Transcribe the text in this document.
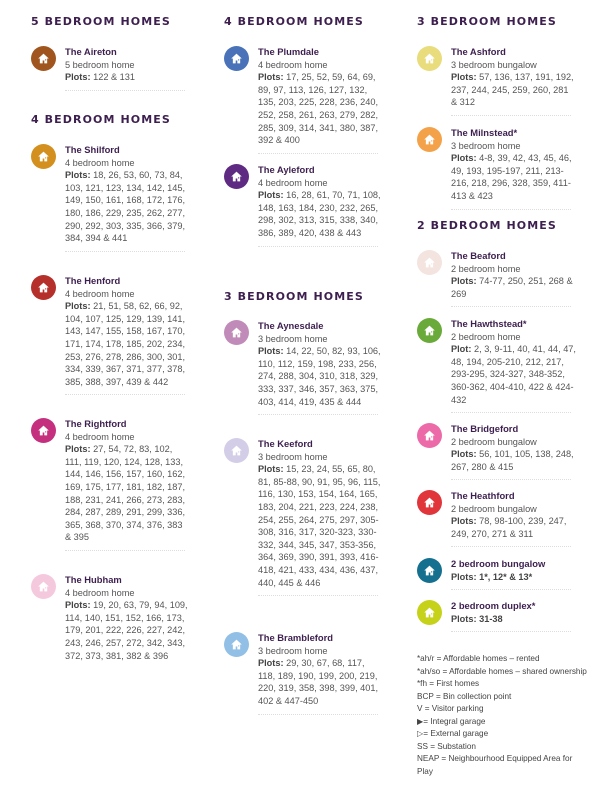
5 BEDROOM HOMES
The Aireton
5 bedroom home
Plots: 122 & 131
4 BEDROOM HOMES
The Shilford
4 bedroom home
Plots: 18, 26, 53, 60, 73, 84, 103, 121, 123, 134, 142, 145, 149, 150, 161, 168, 172, 176, 180, 186, 229, 235, 262, 277, 290, 292, 303, 335, 366, 379, 384, 394 & 441
The Henford
4 bedroom home
Plots: 21, 51, 58, 62, 66, 92, 104, 107, 125, 129, 139, 141, 143, 147, 155, 158, 167, 170, 171, 174, 178, 185, 202, 234, 253, 276, 278, 286, 300, 301, 334, 339, 367, 371, 377, 378, 385, 388, 397, 439 & 442
The Rightford
4 bedroom home
Plots: 27, 54, 72, 83, 102, 111, 119, 120, 124, 128, 133, 144, 146, 156, 157, 160, 162, 169, 175, 177, 181, 182, 187, 188, 231, 241, 266, 273, 283, 284, 287, 289, 291, 299, 336, 365, 368, 370, 374, 376, 383 & 395
The Hubham
4 bedroom home
Plots: 19, 20, 63, 79, 94, 109, 114, 140, 151, 152, 166, 173, 179, 201, 222, 226, 227, 242, 243, 246, 257, 272, 342, 343, 372, 373, 381, 382 & 396
4 BEDROOM HOMES
The Plumdale
4 bedroom home
Plots: 17, 25, 52, 59, 64, 69, 89, 97, 113, 126, 127, 132, 135, 203, 225, 228, 236, 240, 252, 258, 261, 263, 279, 282, 285, 309, 314, 341, 380, 387, 392 & 400
The Ayleford
4 bedroom home
Plots: 16, 28, 61, 70, 71, 108, 148, 163, 184, 230, 232, 265, 298, 302, 313, 315, 338, 340, 386, 389, 420, 438 & 443
3 BEDROOM HOMES
The Aynesdale
3 bedroom home
Plots: 14, 22, 50, 82, 93, 106, 110, 112, 159, 198, 233, 256, 274, 288, 304, 310, 318, 329, 333, 337, 346, 357, 363, 375, 403, 414, 419, 435 & 444
The Keeford
3 bedroom home
Plots: 15, 23, 24, 55, 65, 80, 81, 85-88, 90, 91, 95, 96, 115, 116, 130, 153, 154, 164, 165, 183, 204, 221, 223, 224, 238, 254, 255, 264, 275, 297, 305-308, 316, 317, 320-323, 330-332, 344, 345, 347, 353-356, 364, 369, 390, 391, 393, 416-418, 421, 433, 434, 436, 437, 440, 445 & 446
The Brambleford
3 bedroom home
Plots: 29, 30, 67, 68, 117, 118, 189, 190, 199, 200, 219, 220, 319, 358, 398, 399, 401, 402 & 447-450
3 BEDROOM HOMES
The Ashford
3 bedroom bungalow
Plots: 57, 136, 137, 191, 192, 237, 244, 245, 259, 260, 281 & 312
The Milnstead*
3 bedroom home
Plots: 4-8, 39, 42, 43, 45, 46, 49, 193, 195-197, 211, 213-216, 218, 296, 328, 359, 411-413 & 423
2 BEDROOM HOMES
The Beaford
2 bedroom home
Plots: 74-77, 250, 251, 268 & 269
The Hawthstead*
2 bedroom home
Plot: 2, 3, 9-11, 40, 41, 44, 47, 48, 194, 205-210, 212, 217, 293-295, 324-327, 348-352, 360-362, 404-410, 422 & 424-432
The Bridgeford
2 bedroom bungalow
Plots: 56, 101, 105, 138, 248, 267, 280 & 415
The Heathford
2 bedroom bungalow
Plots: 78, 98-100, 239, 247, 249, 270, 271 & 311
2 bedroom bungalow
Plots: 1*, 12* & 13*
2 bedroom duplex*
Plots: 31-38
*ah/r = Affordable homes – rented
*ah/so = Affordable homes – shared ownership
*fh = First homes
BCP = Bin collection point
V = Visitor parking
▶= Integral garage
▷= External garage
SS = Substation
NEAP = Neighbourhood Equipped Area for Play
